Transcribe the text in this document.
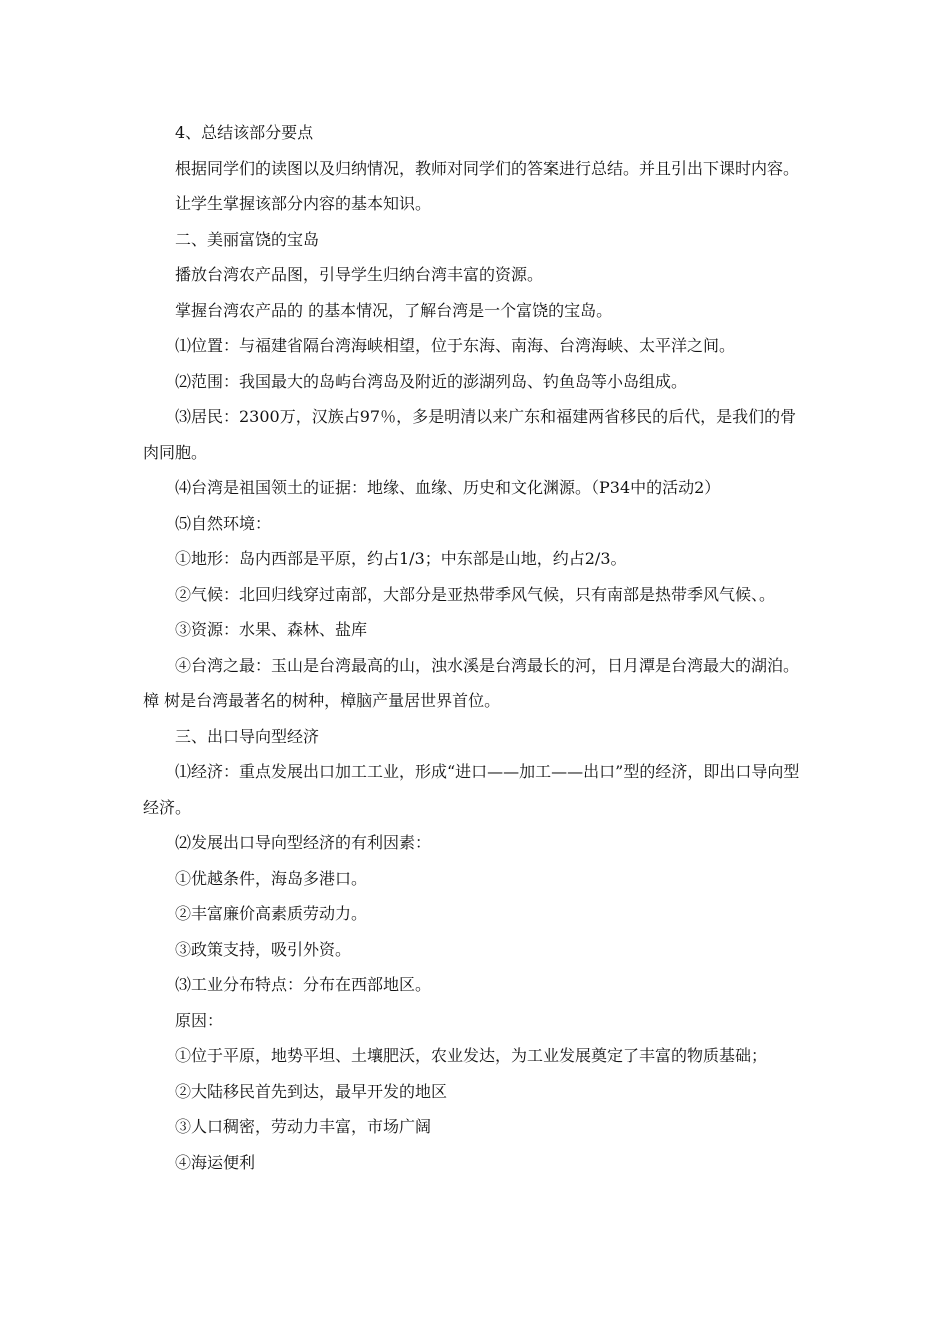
4、总结该部分要点

根据同学们的读图以及归纳情况，教师对同学们的答案进行总结。并且引出下课时内容。

让学生掌握该部分内容的基本知识。

二、美丽富饶的宝岛

播放台湾农产品图，引导学生归纳台湾丰富的资源。

掌握台湾农产品的 的基本情况，了解台湾是一个富饶的宝岛。

⑴位置：与福建省隔台湾海峡相望，位于东海、南海、台湾海峡、太平洋之间。

⑵范围：我国最大的岛屿台湾岛及附近的澎湖列岛、钓鱼岛等小岛组成。

⑶居民：2300万，汉族占97％，多是明清以来广东和福建两省移民的后代，是我们的骨肉同胞。

⑷台湾是祖国领土的证据：地缘、血缘、历史和文化渊源。（P34中的活动2）

⑸自然环境：

①地形：岛内西部是平原，约占1/3；中东部是山地，约占2/3。

②气候：北回归线穿过南部，大部分是亚热带季风气候，只有南部是热带季风气候、。

③资源：水果、森林、盐库

④台湾之最：玉山是台湾最高的山，浊水溪是台湾最长的河，日月潭是台湾最大的湖泊。樟 树是台湾最著名的树种，樟脑产量居世界首位。

三、出口导向型经济

⑴经济：重点发展出口加工工业，形成“进口——加工——出口”型的经济，即出口导向型经济。

⑵发展出口导向型经济的有利因素：

①优越条件，海岛多港口。

②丰富廉价高素质劳动力。

③政策支持，吸引外资。

⑶工业分布特点：分布在西部地区。

原因：

①位于平原，地势平坦、土壤肥沃，农业发达，为工业发展奠定了丰富的物质基础；

②大陆移民首先到达，最早开发的地区

③人口稠密，劳动力丰富，市场广阔

④海运便利
